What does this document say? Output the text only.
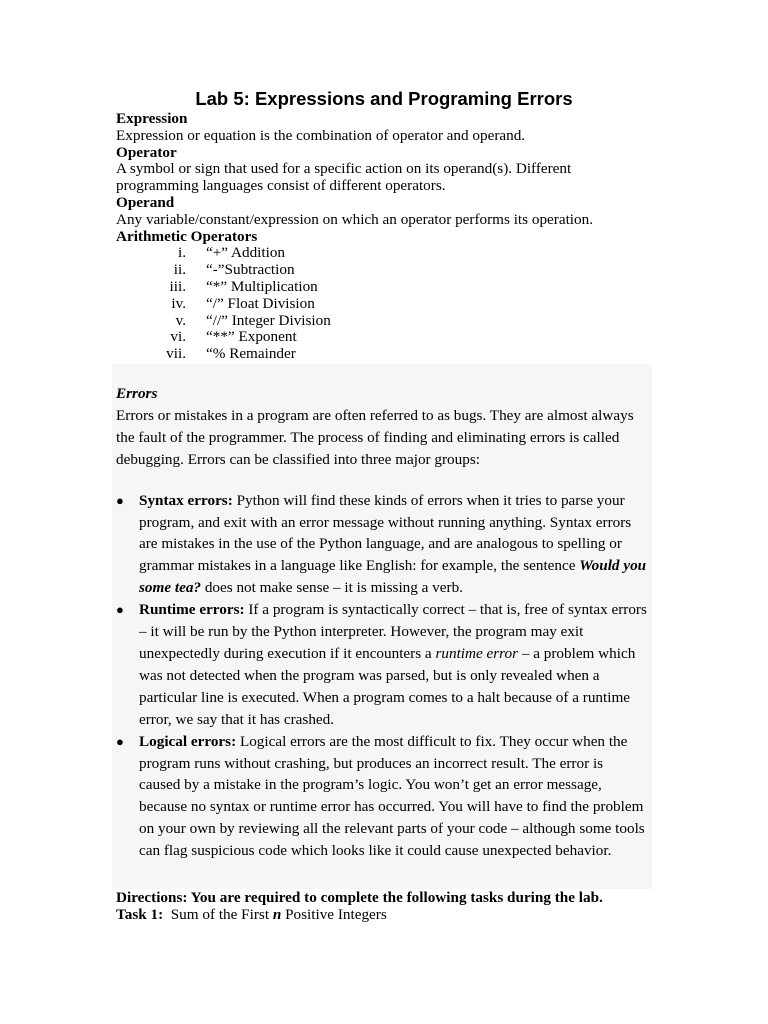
Lab 5: Expressions and Programing Errors
Expression
Expression or equation is the combination of operator and operand.
Operator
A symbol or sign that used for a specific action on its operand(s). Different
programming languages consist of different operators.
Operand
Any variable/constant/expression on which an operator performs its operation.
Arithmetic Operators
i.	“+” Addition
ii.	“-”Subtraction
iii.	“*” Multiplication
iv.	“/” Float Division
v.	“//” Integer Division
vi.	“**” Exponent
vii.	“% Remainder
Errors

Errors or mistakes in a program are often referred to as bugs. They are almost always the fault of the programmer. The process of finding and eliminating errors is called debugging. Errors can be classified into three major groups:

● Syntax errors: Python will find these kinds of errors when it tries to parse your program, and exit with an error message without running anything. Syntax errors are mistakes in the use of the Python language, and are analogous to spelling or grammar mistakes in a language like English: for example, the sentence Would you some tea? does not make sense – it is missing a verb.
● Runtime errors: If a program is syntactically correct – that is, free of syntax errors – it will be run by the Python interpreter. However, the program may exit unexpectedly during execution if it encounters a runtime error – a problem which was not detected when the program was parsed, but is only revealed when a particular line is executed. When a program comes to a halt because of a runtime error, we say that it has crashed.
● Logical errors: Logical errors are the most difficult to fix. They occur when the program runs without crashing, but produces an incorrect result. The error is caused by a mistake in the program’s logic. You won’t get an error message, because no syntax or runtime error has occurred. You will have to find the problem on your own by reviewing all the relevant parts of your code – although some tools can flag suspicious code which looks like it could cause unexpected behavior.
Directions: You are required to complete the following tasks during the lab.
Task 1:  Sum of the First n Positive Integers
